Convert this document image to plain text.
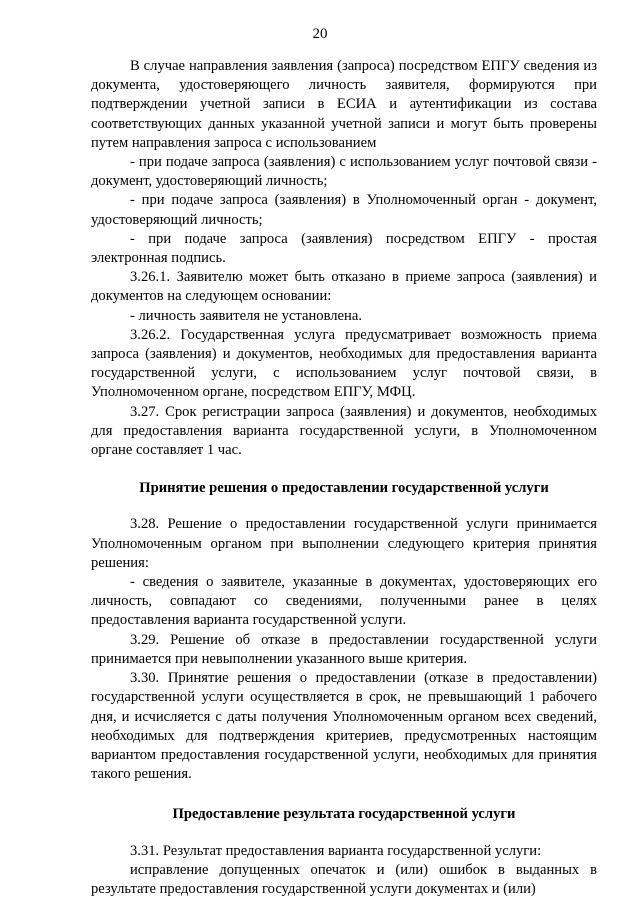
20

В случае направления заявления (запроса) посредством ЕПГУ сведения из документа, удостоверяющего личность заявителя, формируются при подтверждении учетной записи в ЕСИА и аутентификации из состава соответствующих данных указанной учетной записи и могут быть проверены путем направления запроса с использованием

- при подаче запроса (заявления) с использованием услуг почтовой связи - документ, удостоверяющий личность;

- при подаче запроса (заявления) в Уполномоченный орган - документ, удостоверяющий личность;

- при подаче запроса (заявления) посредством ЕПГУ - простая электронная подпись.

3.26.1. Заявителю может быть отказано в приеме запроса (заявления) и документов на следующем основании:

- личность заявителя не установлена.

3.26.2. Государственная услуга предусматривает возможность приема запроса (заявления) и документов, необходимых для предоставления варианта государственной услуги, с использованием услуг почтовой связи, в Уполномоченном органе, посредством ЕПГУ, МФЦ.

3.27. Срок регистрации запроса (заявления) и документов, необходимых для предоставления варианта государственной услуги, в Уполномоченном органе составляет 1 час.

Принятие решения о предоставлении государственной услуги

3.28. Решение о предоставлении государственной услуги принимается Уполномоченным органом при выполнении следующего критерия принятия решения:

- сведения о заявителе, указанные в документах, удостоверяющих его личность, совпадают со сведениями, полученными ранее в целях предоставления варианта государственной услуги.

3.29. Решение об отказе в предоставлении государственной услуги принимается при невыполнении указанного выше критерия.

3.30. Принятие решения о предоставлении (отказе в предоставлении) государственной услуги осуществляется в срок, не превышающий 1 рабочего дня, и исчисляется с даты получения Уполномоченным органом всех сведений, необходимых для подтверждения критериев, предусмотренных настоящим вариантом предоставления государственной услуги, необходимых для принятия такого решения.

Предоставление результата государственной услуги

3.31. Результат предоставления варианта государственной услуги:

исправление допущенных опечаток и (или) ошибок в выданных в результате предоставления государственной услуги документах и (или)
